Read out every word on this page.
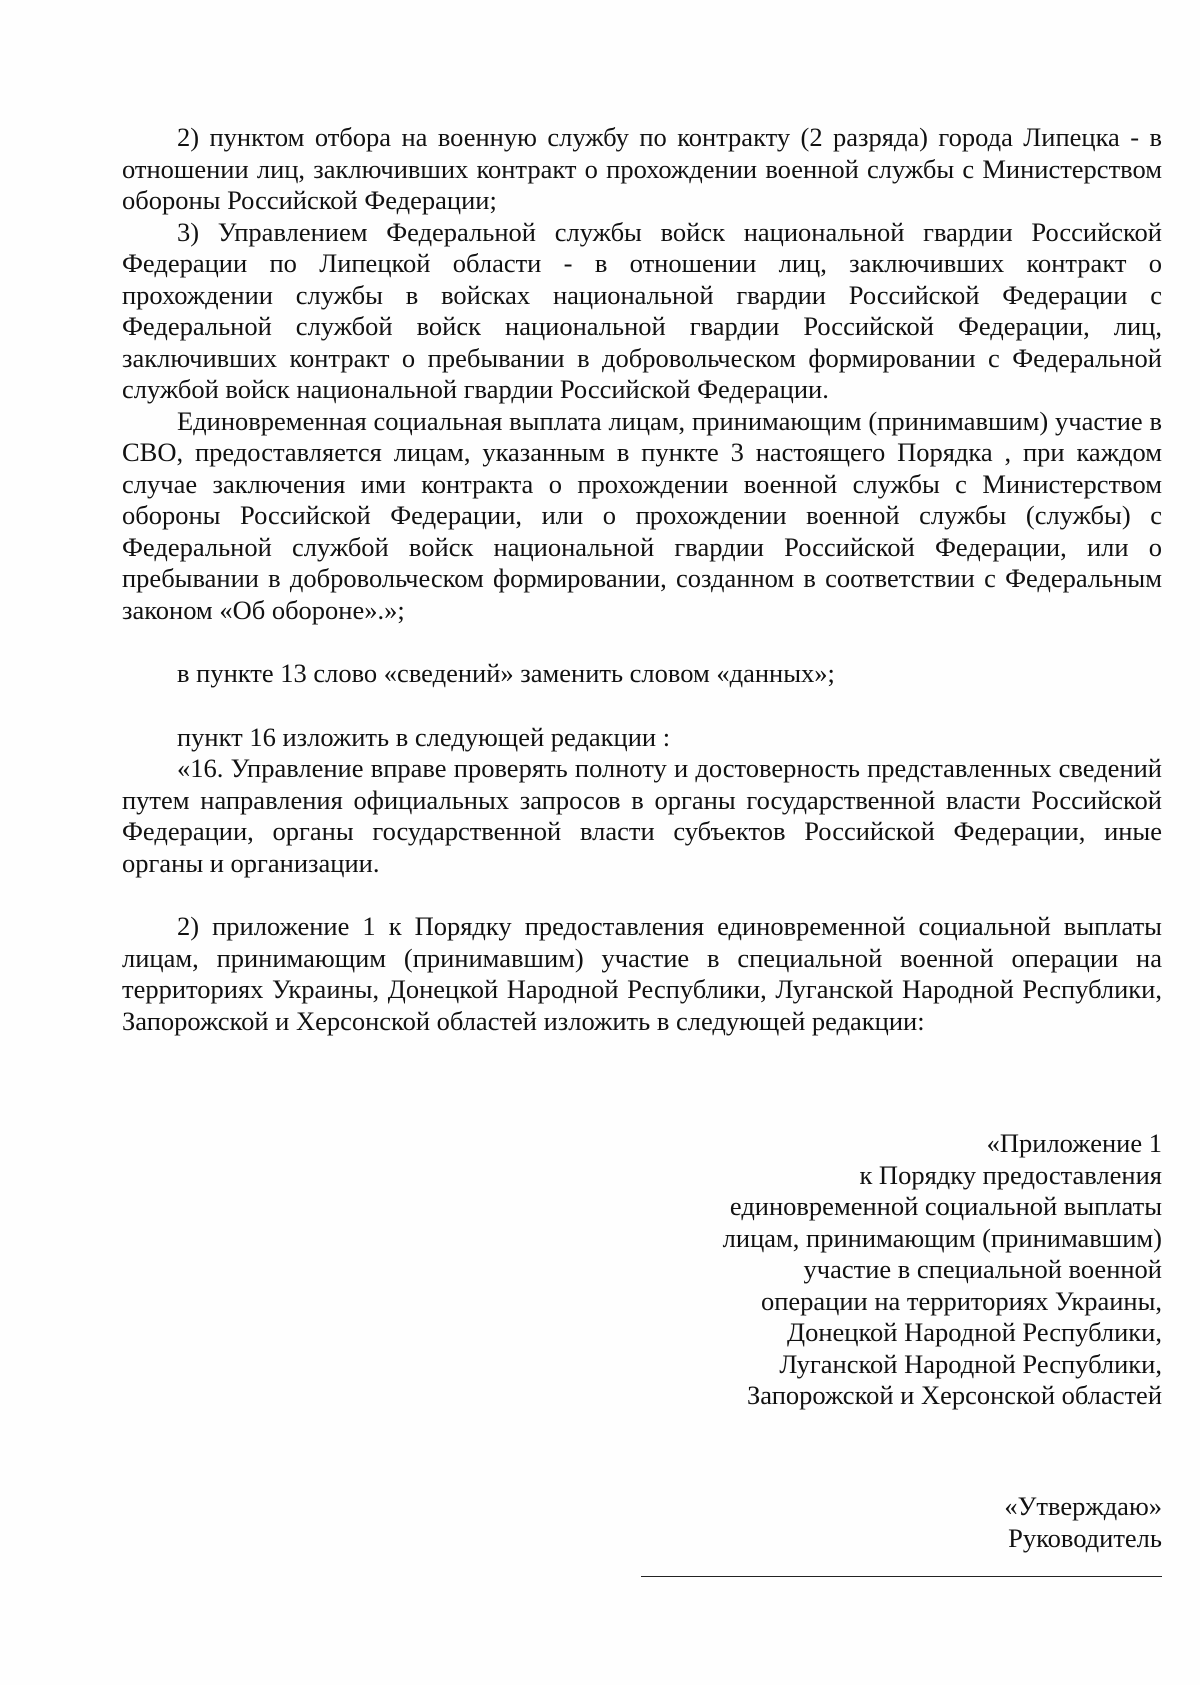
2) пунктом отбора на военную службу по контракту (2 разряда) города Липецка - в отношении лиц, заключивших контракт о прохождении военной службы с Министерством обороны Российской Федерации;

3) Управлением Федеральной службы войск национальной гвардии Российской Федерации по Липецкой области - в отношении лиц, заключивших контракт о прохождении службы в войсках национальной гвардии Российской Федерации с Федеральной службой войск национальной гвардии Российской Федерации, лиц, заключивших контракт о пребывании в добровольческом формировании с Федеральной службой войск национальной гвардии Российской Федерации.

Единовременная социальная выплата лицам, принимающим (принимавшим) участие в СВО, предоставляется лицам, указанным в пункте 3 настоящего Порядка , при каждом случае заключения ими контракта о прохождении военной службы с Министерством обороны Российской Федерации, или о прохождении военной службы (службы) с Федеральной службой войск национальной гвардии Российской Федерации, или о пребывании в добровольческом формировании, созданном в соответствии с Федеральным законом «Об обороне».»;

в пункте 13 слово «сведений» заменить словом «данных»;

пункт 16 изложить в следующей редакции :

«16. Управление вправе проверять полноту и достоверность представленных сведений путем направления официальных запросов в органы государственной власти Российской Федерации, органы государственной власти субъектов Российской Федерации, иные органы и организации.

2) приложение 1 к Порядку предоставления единовременной социальной выплаты лицам, принимающим (принимавшим) участие в специальной военной операции на территориях Украины, Донецкой Народной Республики, Луганской Народной Республики, Запорожской и Херсонской областей изложить в следующей редакции:

«Приложение 1
к Порядку предоставления
единовременной социальной выплаты
лицам, принимающим (принимавшим)
участие в специальной военной
операции на территориях Украины,
Донецкой Народной Республики,
Луганской Народной Республики,
Запорожской и Херсонской областей
«Утверждаю»
Руководитель
